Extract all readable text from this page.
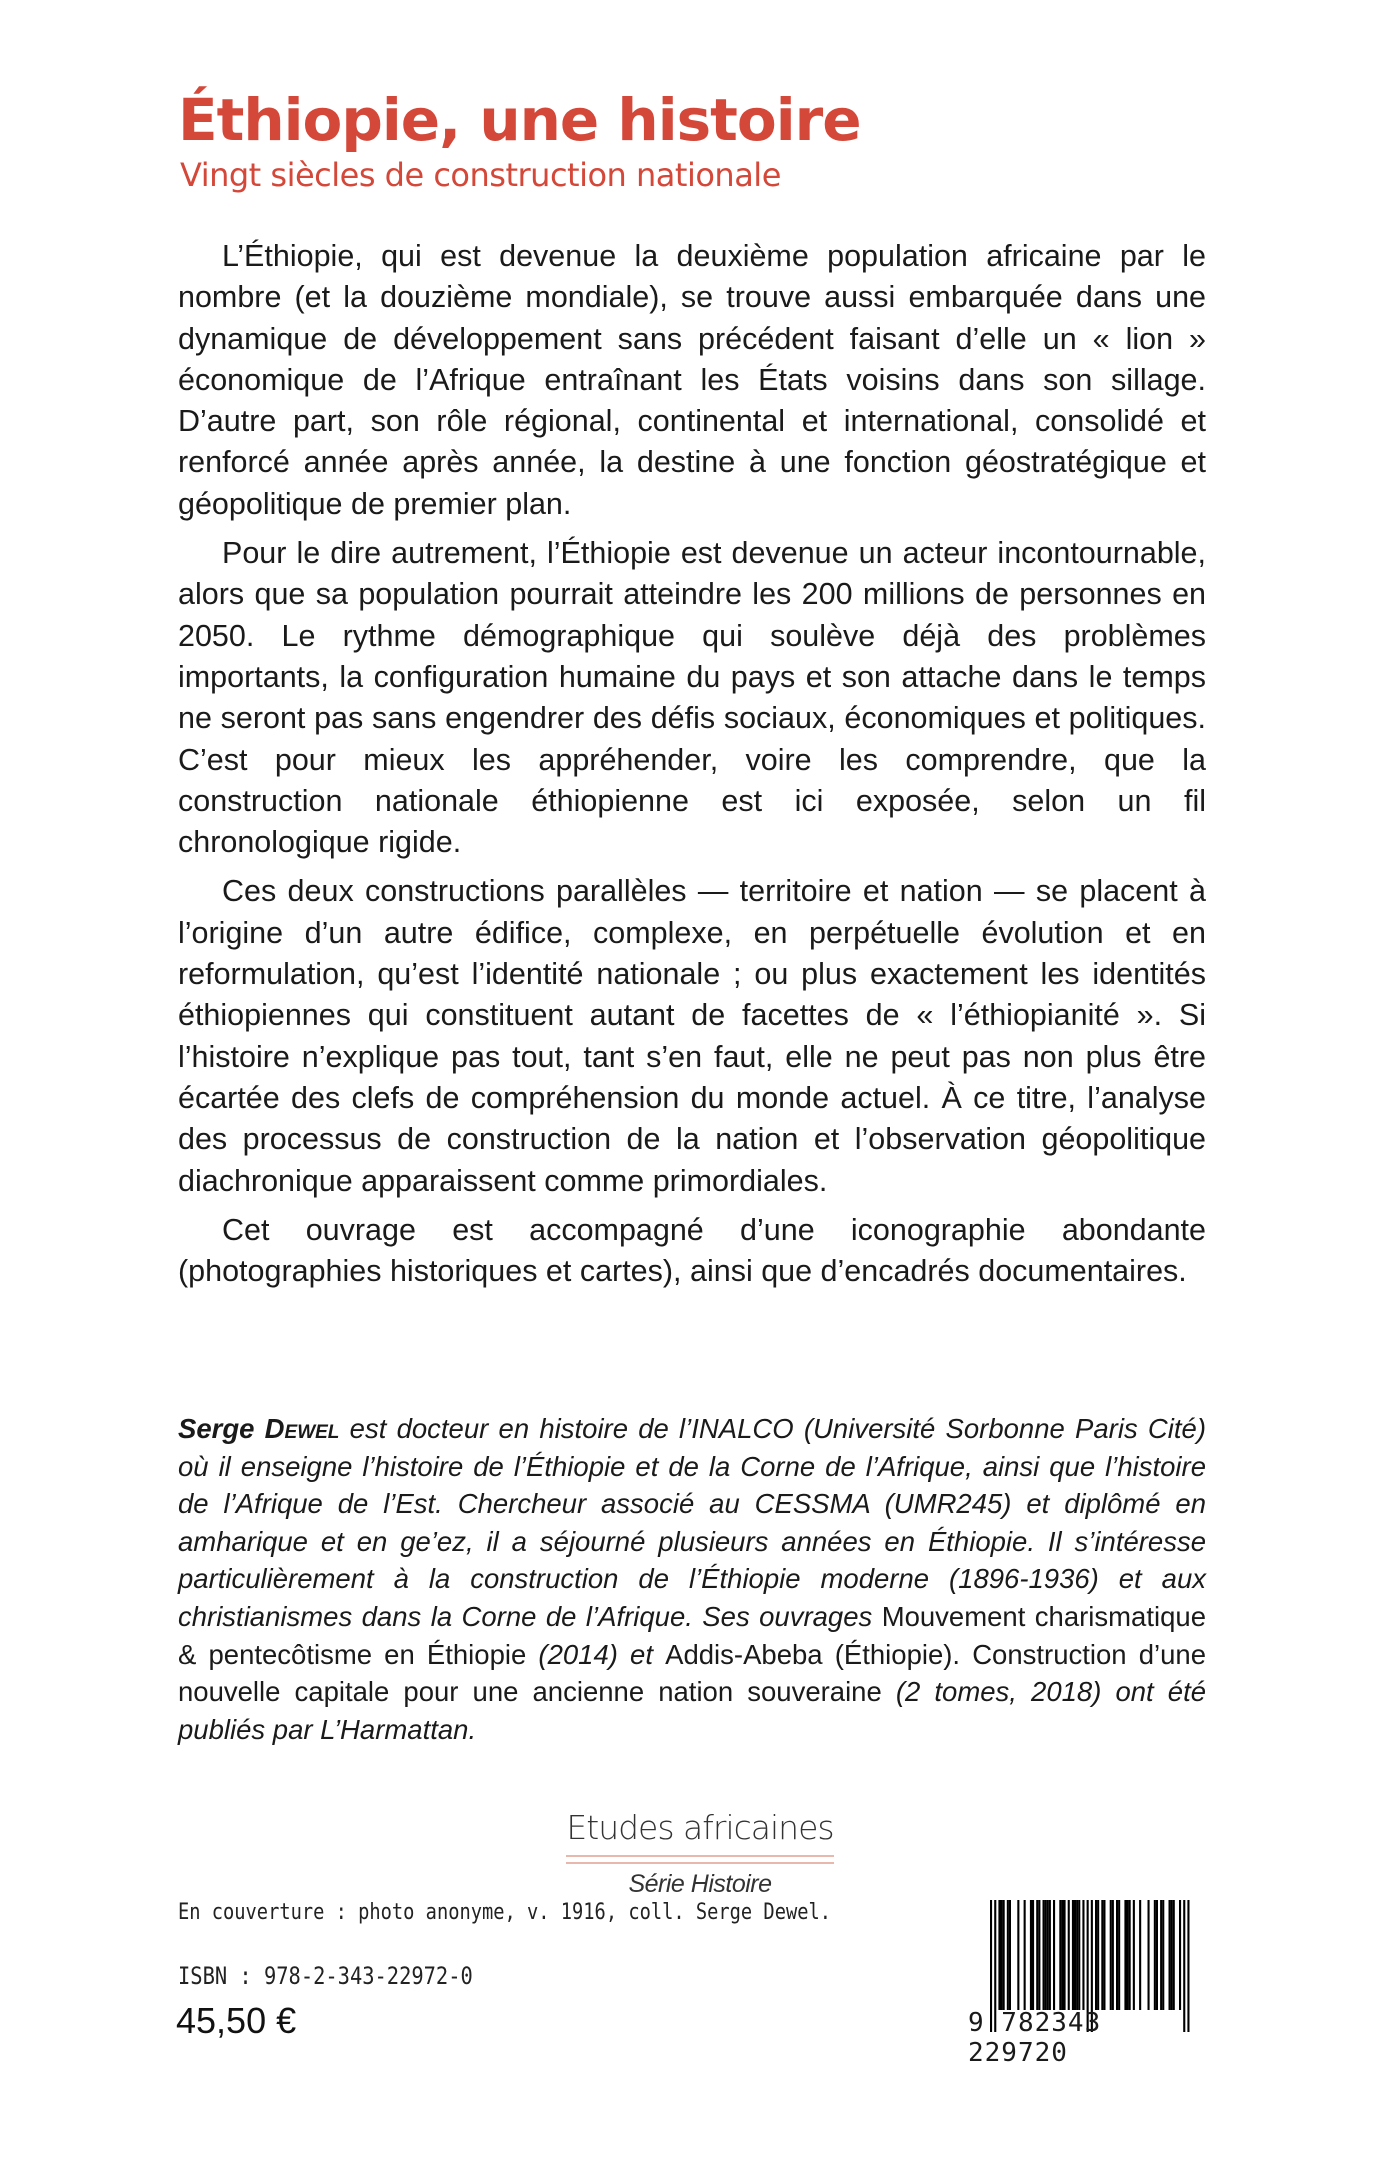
Éthiopie, une histoire
Vingt siècles de construction nationale

L’Éthiopie, qui est devenue la deuxième population africaine par le nombre (et la douzième mondiale), se trouve aussi embarquée dans une dynamique de développement sans précédent faisant d’elle un « lion » économique de l’Afrique entraînant les États voisins dans son sillage. D’autre part, son rôle régional, continental et international, consolidé et renforcé année après année, la destine à une fonction géostratégique et géopolitique de premier plan.

Pour le dire autrement, l’Éthiopie est devenue un acteur incontournable, alors que sa population pourrait atteindre les 200 millions de personnes en 2050. Le rythme démographique qui soulève déjà des problèmes importants, la configuration humaine du pays et son attache dans le temps ne seront pas sans engendrer des défis sociaux, économiques et politiques. C’est pour mieux les appréhender, voire les comprendre, que la construction nationale éthiopienne est ici exposée, selon un fil chronologique rigide.

Ces deux constructions parallèles — territoire et nation — se placent à l’origine d’un autre édifice, complexe, en perpétuelle évolution et en reformulation, qu’est l’identité nationale ; ou plus exactement les identités éthiopiennes qui constituent autant de facettes de « l’éthiopianité ». Si l’histoire n’explique pas tout, tant s’en faut, elle ne peut pas non plus être écartée des clefs de compréhension du monde actuel. À ce titre, l’analyse des processus de construction de la nation et l’observation géopolitique diachronique apparaissent comme primordiales.

Cet ouvrage est accompagné d’une iconographie abondante (photographies historiques et cartes), ainsi que d’encadrés documentaires.

Serge Dewel est docteur en histoire de l’INALCO (Université Sorbonne Paris Cité) où il enseigne l’histoire de l’Éthiopie et de la Corne de l’Afrique, ainsi que l’histoire de l’Afrique de l’Est. Chercheur associé au CESSMA (UMR245) et diplômé en amharique et en ge’ez, il a séjourné plusieurs années en Éthiopie. Il s’intéresse particulièrement à la construction de l’Éthiopie moderne (1896-1936) et aux christianismes dans la Corne de l’Afrique. Ses ouvrages Mouvement charismatique & pentecôtisme en Éthiopie (2014) et Addis-Abeba (Éthiopie). Construction d’une nouvelle capitale pour une ancienne nation souveraine (2 tomes, 2018) ont été publiés par L’Harmattan.
Etudes africaines
Série Histoire
En couverture : photo anonyme, v. 1916, coll. Serge Dewel.
ISBN : 978-2-343-22972-0
45,50 €	9 782343 229720
